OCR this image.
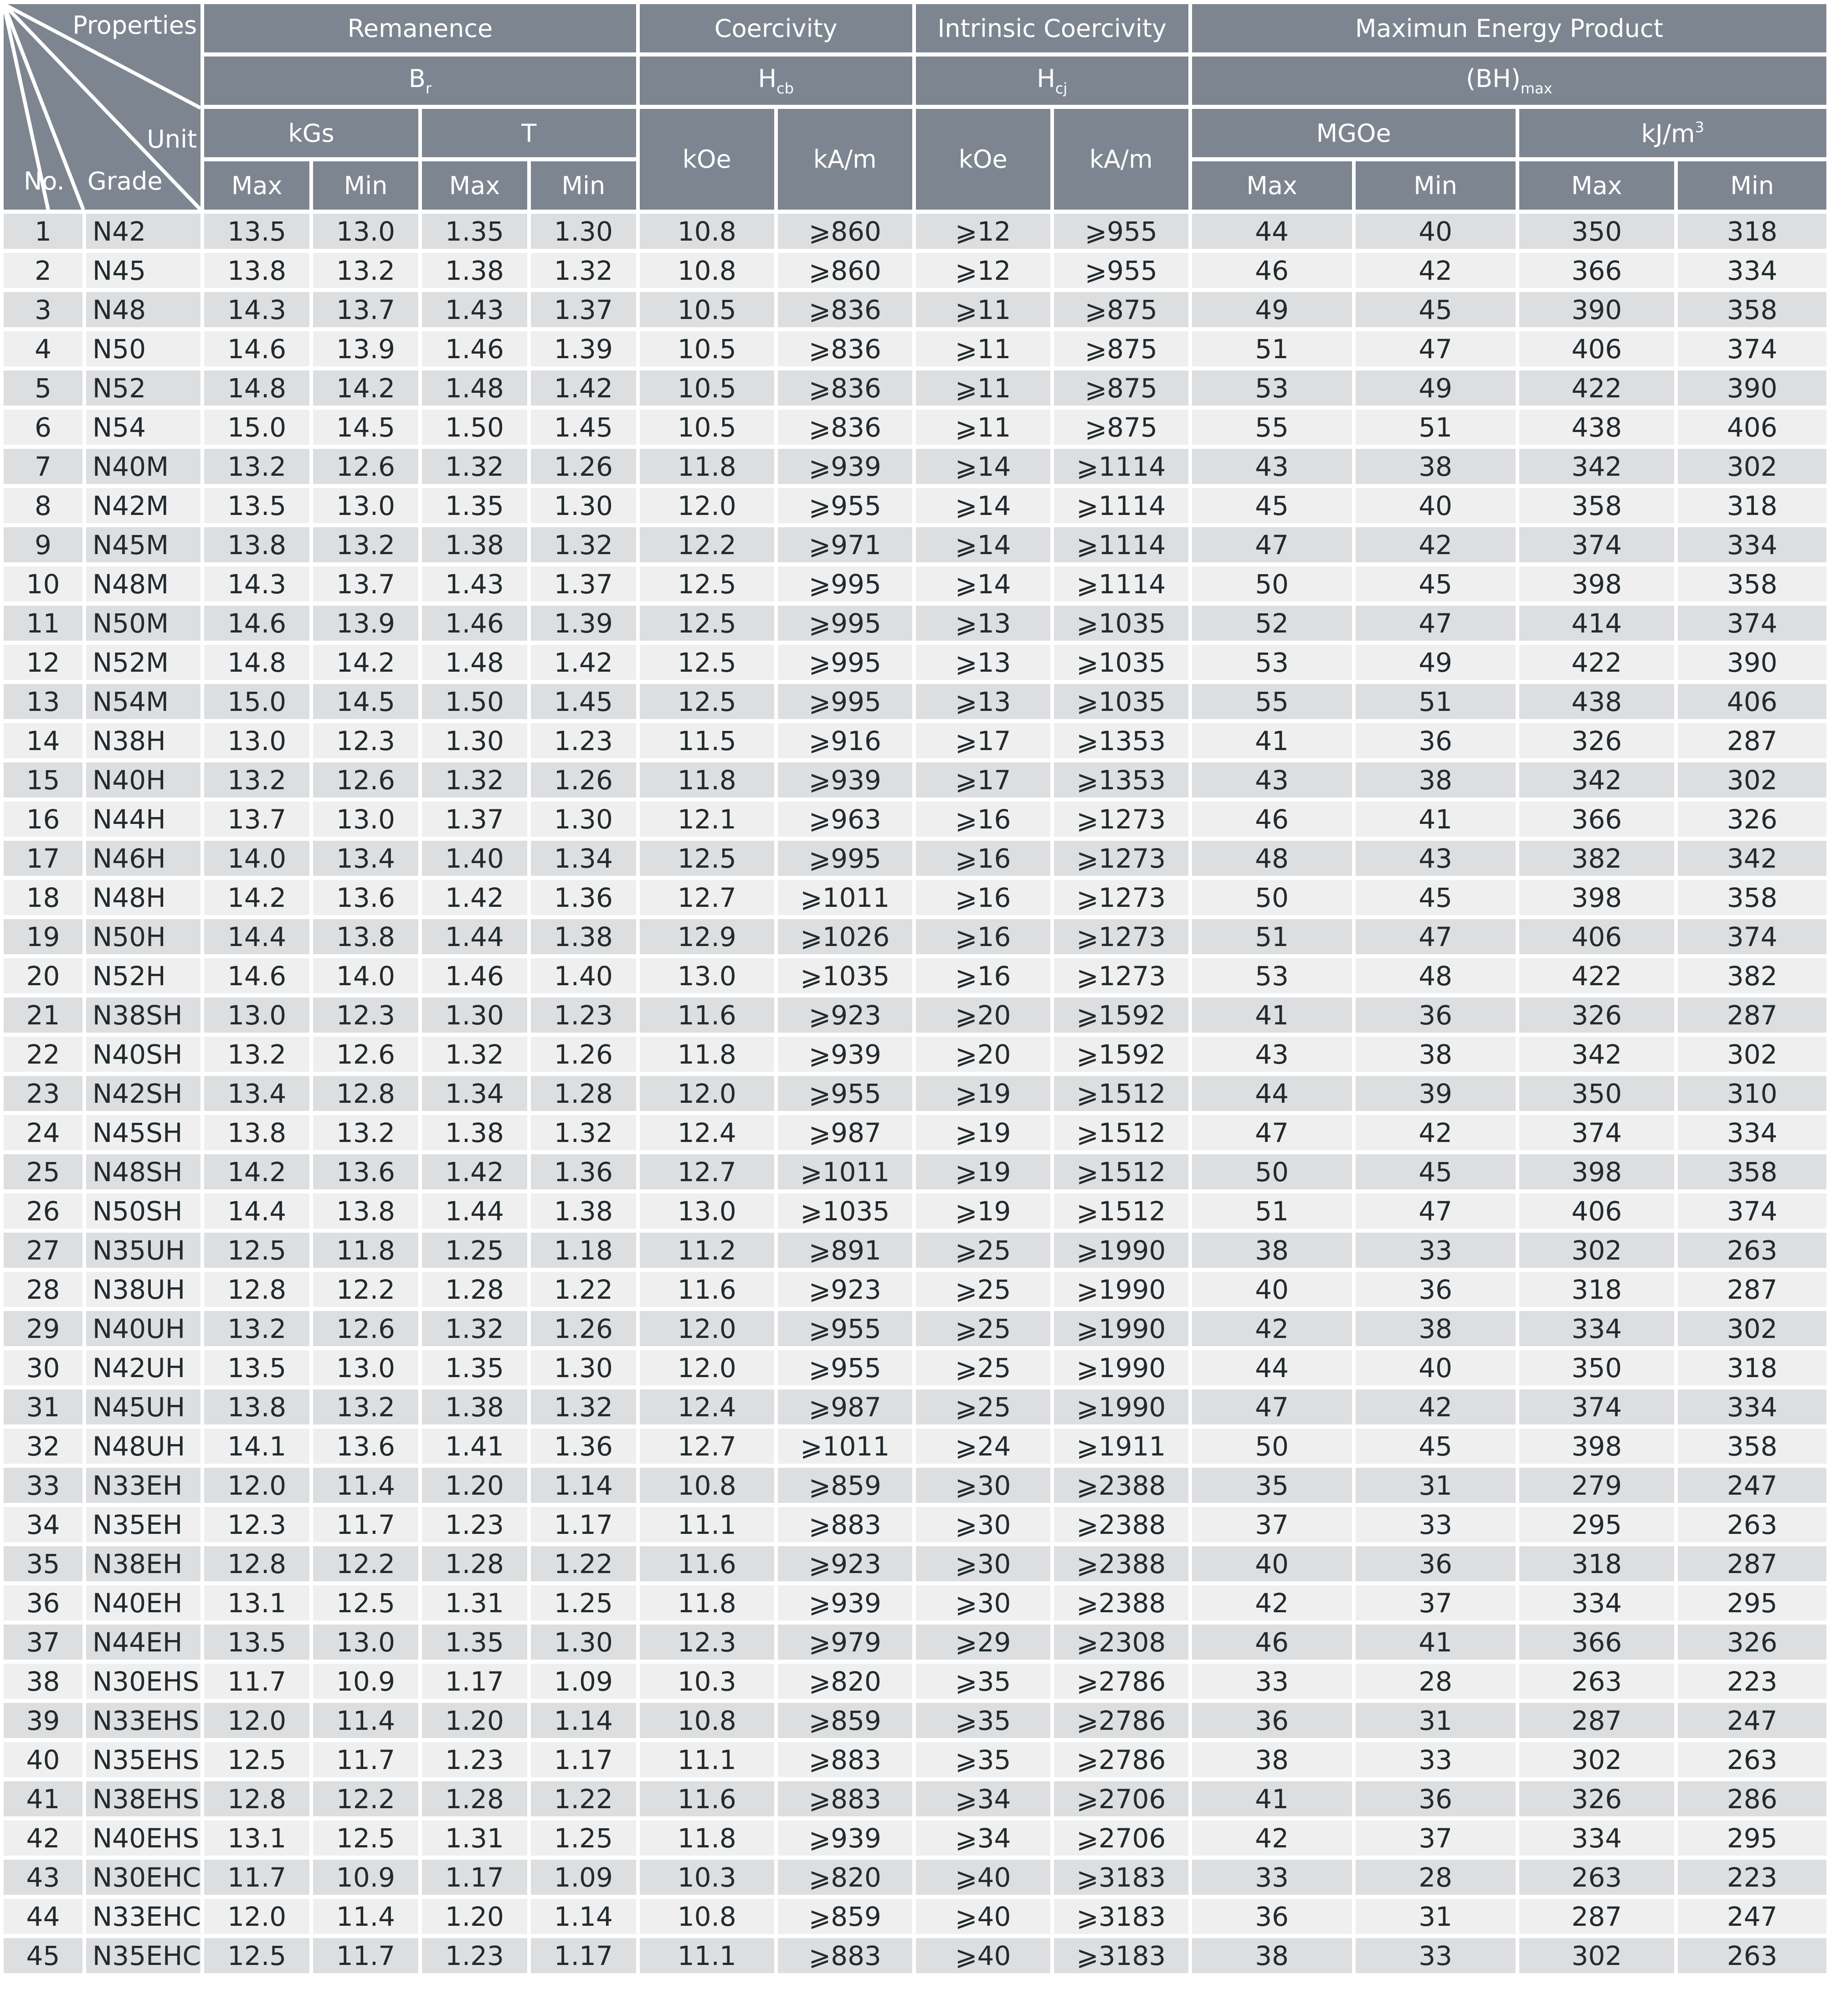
Properties
Unit
Grade
No.		Remanence				Coercivity		Intrinsic Coercivity		Maximun Energy Product			
		$B_r$				$H_{cb}$		$H_{cj}$		$(BH)_{max}$
		kGs		T		kOe	kA/m	kOe	kA/m	MGOe		$kJ/m^3$
		Max	Min	Max	Min					Max	Min	Max	Min
1	N42	13.5	13.0	1.35	1.30	10.8	⩾860	⩾12	⩾955	44	40	350	318
2	N45	13.8	13.2	1.38	1.32	10.8	⩾860	⩾12	⩾955	46	42	366	334
3	N48	14.3	13.7	1.43	1.37	10.5	⩾836	⩾11	⩾875	49	45	390	358
4	N50	14.6	13.9	1.46	1.39	10.5	⩾836	⩾11	⩾875	51	47	406	374
5	N52	14.8	14.2	1.48	1.42	10.5	⩾836	⩾11	⩾875	53	49	422	390
6	N54	15.0	14.5	1.50	1.45	10.5	⩾836	⩾11	⩾875	55	51	438	406
7	N40M	13.2	12.6	1.32	1.26	11.8	⩾939	⩾14	⩾1114	43	38	342	302
8	N42M	13.5	13.0	1.35	1.30	12.0	⩾955	⩾14	⩾1114	45	40	358	318
9	N45M	13.8	13.2	1.38	1.32	12.2	⩾971	⩾14	⩾1114	47	42	374	334
10	N48M	14.3	13.7	1.43	1.37	12.5	⩾995	⩾14	⩾1114	50	45	398	358
11	N50M	14.6	13.9	1.46	1.39	12.5	⩾995	⩾13	⩾1035	52	47	414	374
12	N52M	14.8	14.2	1.48	1.42	12.5	⩾995	⩾13	⩾1035	53	49	422	390
13	N54M	15.0	14.5	1.50	1.45	12.5	⩾995	⩾13	⩾1035	55	51	438	406
14	N38H	13.0	12.3	1.30	1.23	11.5	⩾916	⩾17	⩾1353	41	36	326	287
15	N40H	13.2	12.6	1.32	1.26	11.8	⩾939	⩾17	⩾1353	43	38	342	302
16	N44H	13.7	13.0	1.37	1.30	12.1	⩾963	⩾16	⩾1273	46	41	366	326
17	N46H	14.0	13.4	1.40	1.34	12.5	⩾995	⩾16	⩾1273	48	43	382	342
18	N48H	14.2	13.6	1.42	1.36	12.7	⩾1011	⩾16	⩾1273	50	45	398	358
19	N50H	14.4	13.8	1.44	1.38	12.9	⩾1026	⩾16	⩾1273	51	47	406	374
20	N52H	14.6	14.0	1.46	1.40	13.0	⩾1035	⩾16	⩾1273	53	48	422	382
21	N38SH	13.0	12.3	1.30	1.23	11.6	⩾923	⩾20	⩾1592	41	36	326	287
22	N40SH	13.2	12.6	1.32	1.26	11.8	⩾939	⩾20	⩾1592	43	38	342	302
23	N42SH	13.4	12.8	1.34	1.28	12.0	⩾955	⩾19	⩾1512	44	39	350	310
24	N45SH	13.8	13.2	1.38	1.32	12.4	⩾987	⩾19	⩾1512	47	42	374	334
25	N48SH	14.2	13.6	1.42	1.36	12.7	⩾1011	⩾19	⩾1512	50	45	398	358
26	N50SH	14.4	13.8	1.44	1.38	13.0	⩾1035	⩾19	⩾1512	51	47	406	374
27	N35UH	12.5	11.8	1.25	1.18	11.2	⩾891	⩾25	⩾1990	38	33	302	263
28	N38UH	12.8	12.2	1.28	1.22	11.6	⩾923	⩾25	⩾1990	40	36	318	287
29	N40UH	13.2	12.6	1.32	1.26	12.0	⩾955	⩾25	⩾1990	42	38	334	302
30	N42UH	13.5	13.0	1.35	1.30	12.0	⩾955	⩾25	⩾1990	44	40	350	318
31	N45UH	13.8	13.2	1.38	1.32	12.4	⩾987	⩾25	⩾1990	47	42	374	334
32	N48UH	14.1	13.6	1.41	1.36	12.7	⩾1011	⩾24	⩾1911	50	45	398	358
33	N33EH	12.0	11.4	1.20	1.14	10.8	⩾859	⩾30	⩾2388	35	31	279	247
34	N35EH	12.3	11.7	1.23	1.17	11.1	⩾883	⩾30	⩾2388	37	33	295	263
35	N38EH	12.8	12.2	1.28	1.22	11.6	⩾923	⩾30	⩾2388	40	36	318	287
36	N40EH	13.1	12.5	1.31	1.25	11.8	⩾939	⩾30	⩾2388	42	37	334	295
37	N44EH	13.5	13.0	1.35	1.30	12.3	⩾979	⩾29	⩾2308	46	41	366	326
38	N30EHS	11.7	10.9	1.17	1.09	10.3	⩾820	⩾35	⩾2786	33	28	263	223
39	N33EHS	12.0	11.4	1.20	1.14	10.8	⩾859	⩾35	⩾2786	36	31	287	247
40	N35EHS	12.5	11.7	1.23	1.17	11.1	⩾883	⩾35	⩾2786	38	33	302	263
41	N38EHS	12.8	12.2	1.28	1.22	11.6	⩾883	⩾34	⩾2706	41	36	326	286
42	N40EHS	13.1	12.5	1.31	1.25	11.8	⩾939	⩾34	⩾2706	42	37	334	295
43	N30EHC	11.7	10.9	1.17	1.09	10.3	⩾820	⩾40	⩾3183	33	28	263	223
44	N33EHC	12.0	11.4	1.20	1.14	10.8	⩾859	⩾40	⩾3183	36	31	287	247
45	N35EHC	12.5	11.7	1.23	1.17	11.1	⩾883	⩾40	⩾3183	38	33	302	263
